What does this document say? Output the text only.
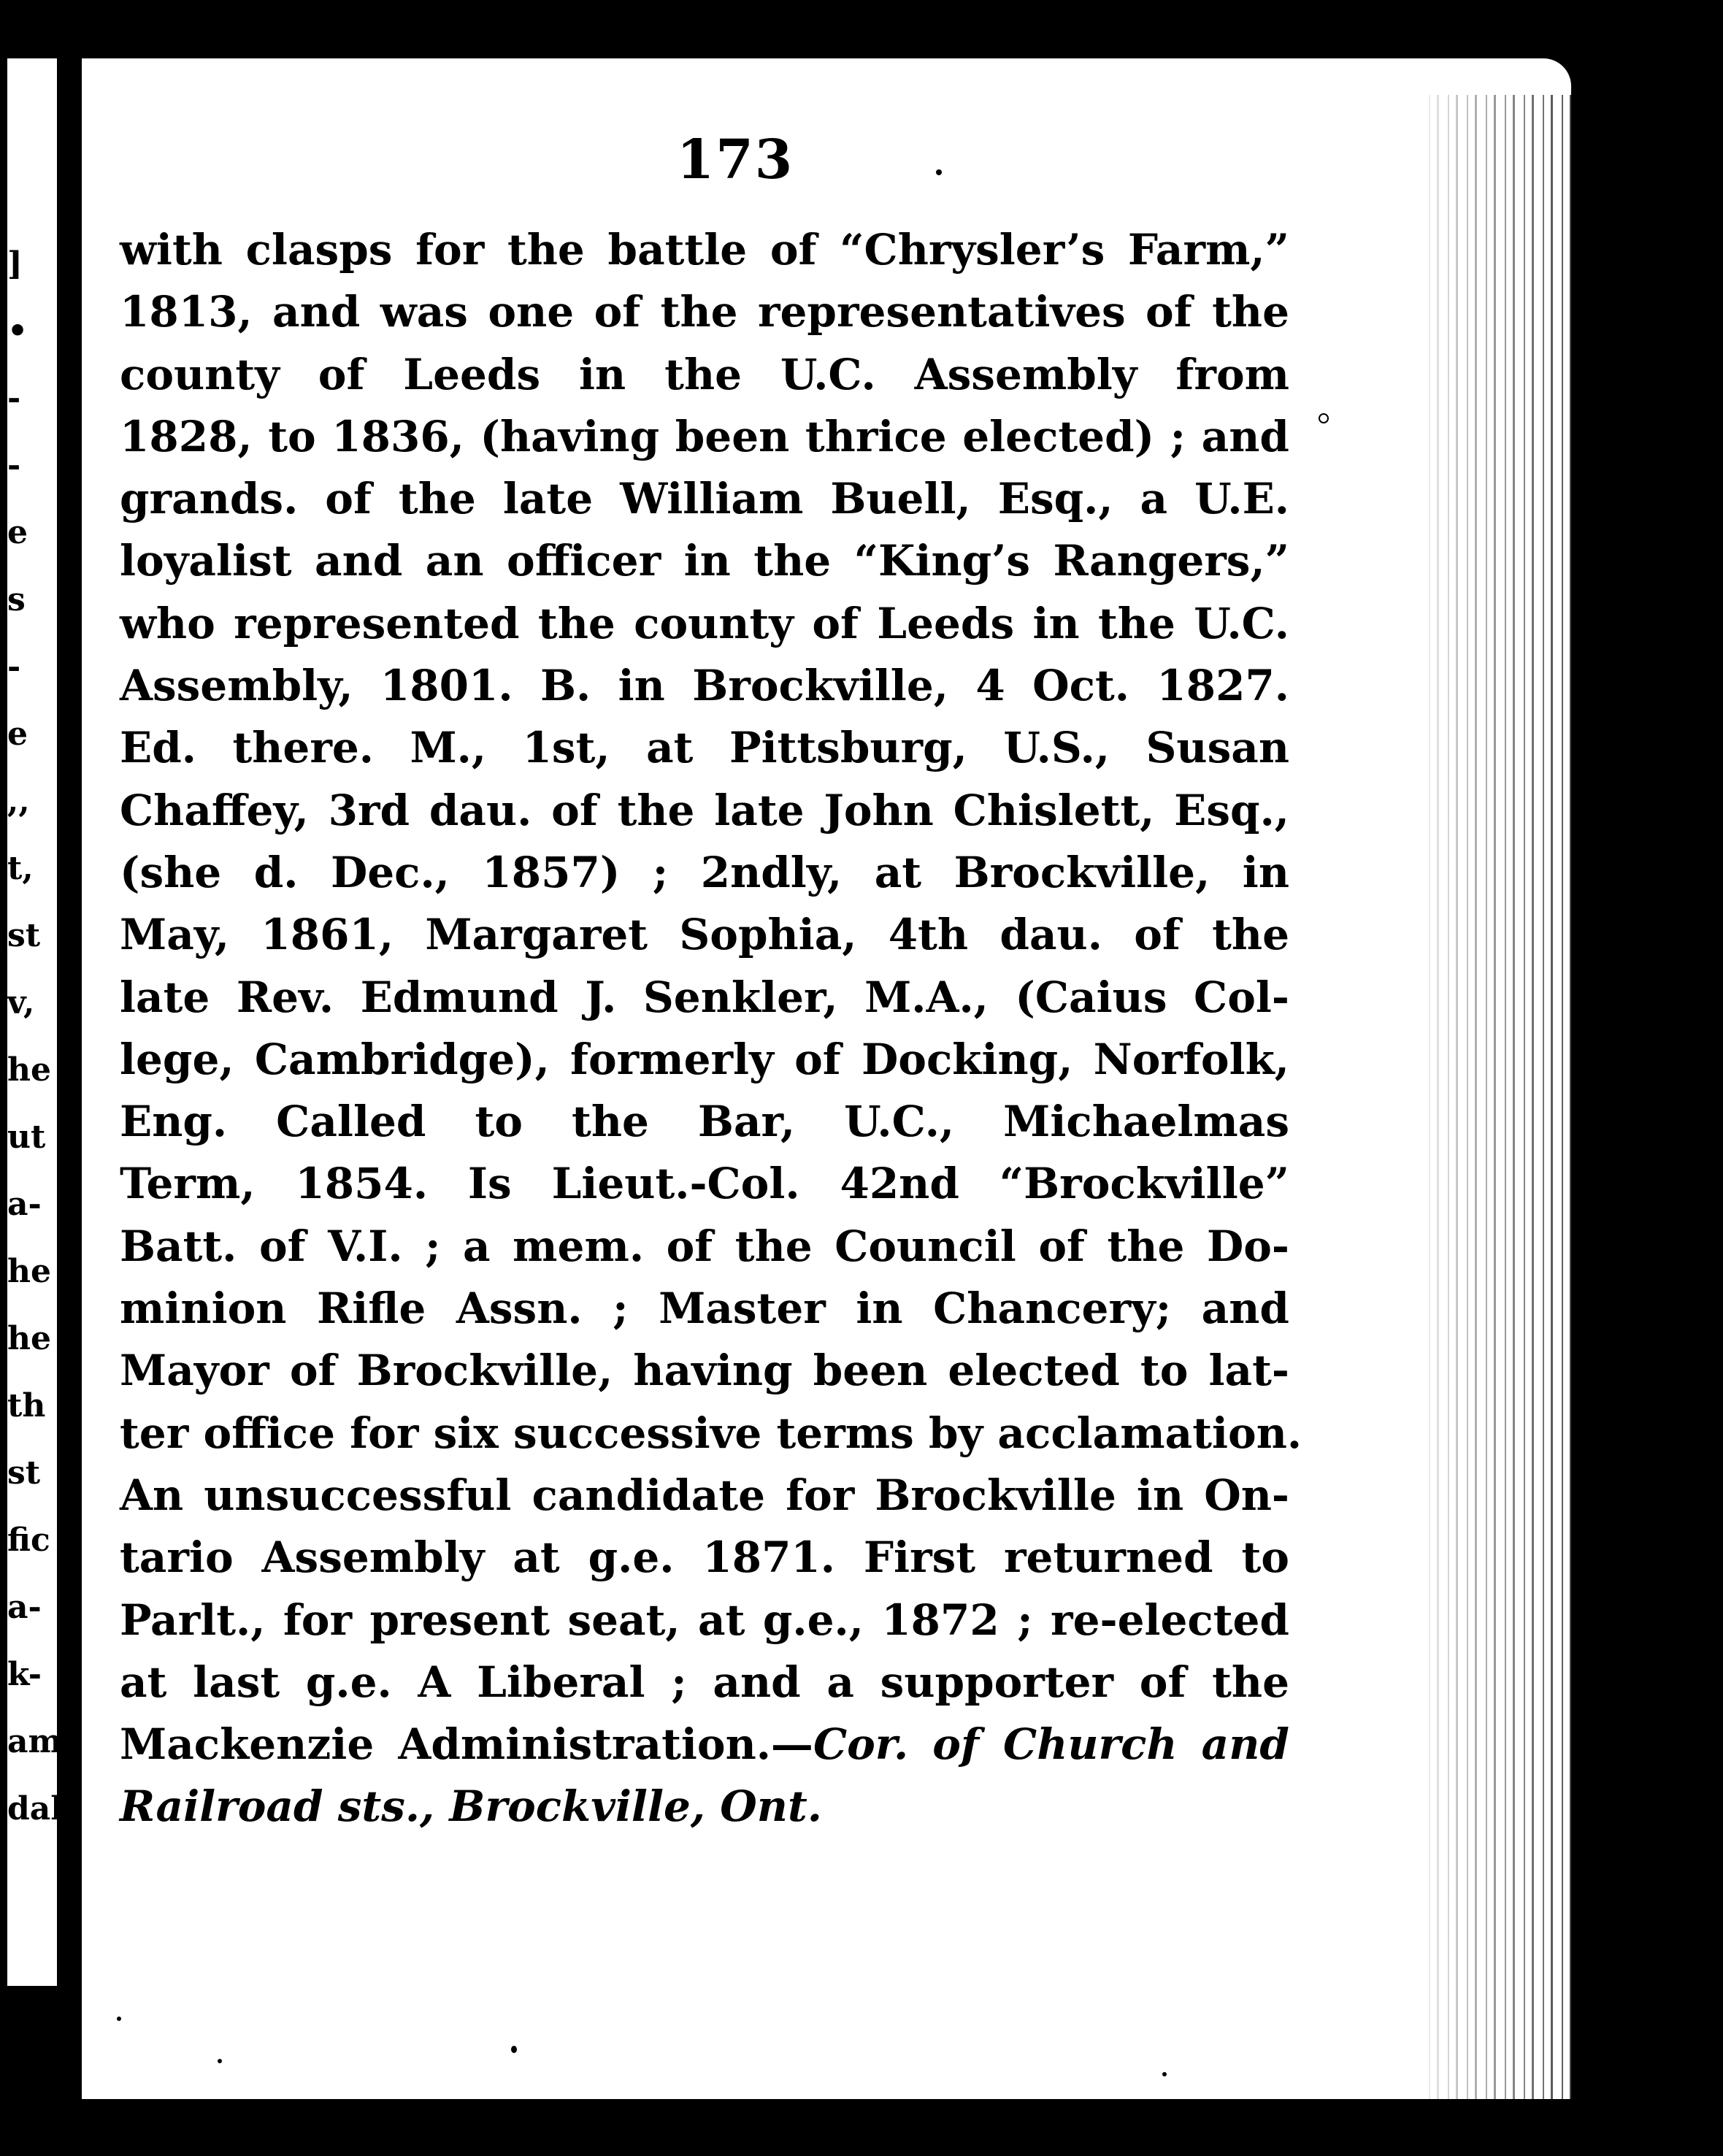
]
•
-
-
e
s
-
e
,,
t,
st
v,
he
ut
a-
he
he
th
st
fic
a-
k-
am
dal
173
with clasps for the battle of “Chrysler’s Farm,”
1813, and was one of the representatives of the
county of Leeds in the U.C. Assembly from
1828, to 1836, (having been thrice elected) ; and
grands. of the late William Buell, Esq., a U.E.
loyalist and an officer in the “King’s Rangers,”
who represented the county of Leeds in the U.C.
Assembly, 1801. B. in Brockville, 4 Oct. 1827.
Ed. there. M., 1st, at Pittsburg, U.S., Susan
Chaffey, 3rd dau. of the late John Chislett, Esq.,
(she d. Dec., 1857) ; 2ndly, at Brockville, in
May, 1861, Margaret Sophia, 4th dau. of the
late Rev. Edmund J. Senkler, M.A., (Caius Col-
lege, Cambridge), formerly of Docking, Norfolk,
Eng. Called to the Bar, U.C., Michaelmas
Term, 1854. Is Lieut.-Col. 42nd “Brockville”
Batt. of V.I. ; a mem. of the Council of the Do-
minion Rifle Assn. ; Master in Chancery; and
Mayor of Brockville, having been elected to lat-
ter office for six successive terms by acclamation.
An unsuccessful candidate for Brockville in On-
tario Assembly at g.e. 1871. First returned to
Parlt., for present seat, at g.e., 1872 ; re-elected
at last g.e. A Liberal ; and a supporter of the
Mackenzie Administration.—Cor. of Church and
Railroad sts., Brockville, Ont.
